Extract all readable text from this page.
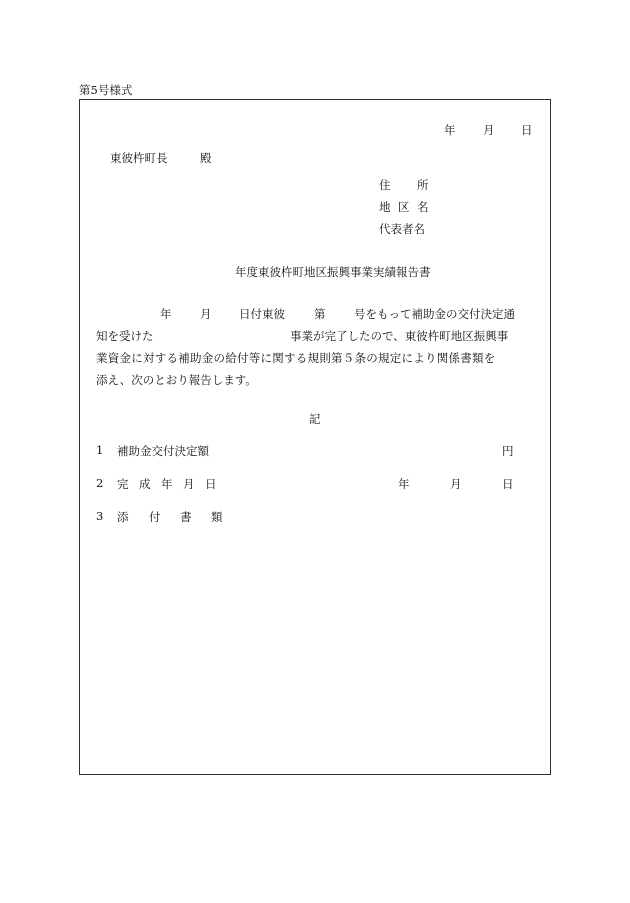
第5号様式
年 月 日
東彼杵町長	殿
住 所
地 区 名
代表者名
年度東彼杵町地区振興事業実績報告書
年 月 日付東彼	第 号をもって補助金の交付決定通
知を受けた	事業が完了したので、東彼杵町地区振興事
業資金に対する補助金の給付等に関する規則第５条の規定により関係書類を
添え、次のとおり報告します。
記
1 補助金交付決定額	円
2 完 成 年 月 日	年	月	日
3 添 付 書 類
